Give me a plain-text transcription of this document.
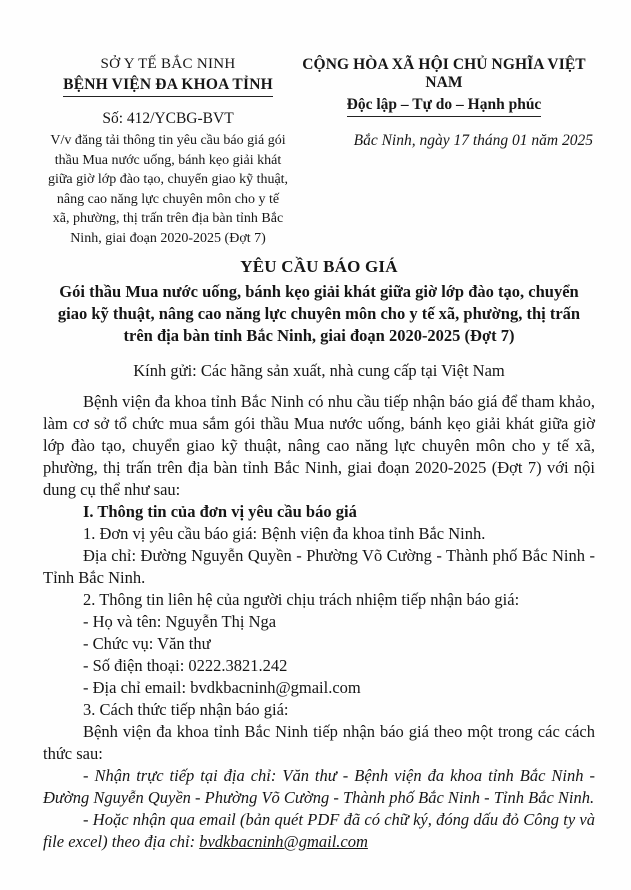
SỞ Y TẾ BẮC NINH
BỆNH VIỆN ĐA KHOA TỈNH
Số: 412/YCBG-BVT
V/v đăng tải thông tin yêu cầu báo giá gói thầu Mua nước uống, bánh kẹo giải khát giữa giờ lớp đào tạo, chuyển giao kỹ thuật, nâng cao năng lực chuyên môn cho y tế xã, phường, thị trấn trên địa bàn tỉnh Bắc Ninh, giai đoạn 2020-2025 (Đợt 7)
CỘNG HÒA XÃ HỘI CHỦ NGHĨA VIỆT NAM
Độc lập – Tự do – Hạnh phúc
Bắc Ninh, ngày 17 tháng 01 năm 2025
YÊU CẦU BÁO GIÁ
Gói thầu Mua nước uống, bánh kẹo giải khát giữa giờ lớp đào tạo, chuyển giao kỹ thuật, nâng cao năng lực chuyên môn cho y tế xã, phường, thị trấn trên địa bàn tỉnh Bắc Ninh, giai đoạn 2020-2025 (Đợt 7)
Kính gửi: Các hãng sản xuất, nhà cung cấp tại Việt Nam

Bệnh viện đa khoa tỉnh Bắc Ninh có nhu cầu tiếp nhận báo giá để tham khảo, làm cơ sở tổ chức mua sắm gói thầu Mua nước uống, bánh kẹo giải khát giữa giờ lớp đào tạo, chuyển giao kỹ thuật, nâng cao năng lực chuyên môn cho y tế xã, phường, thị trấn trên địa bàn tỉnh Bắc Ninh, giai đoạn 2020-2025 (Đợt 7) với nội dung cụ thể như sau:

I. Thông tin của đơn vị yêu cầu báo giá

1. Đơn vị yêu cầu báo giá: Bệnh viện đa khoa tỉnh Bắc Ninh.

Địa chỉ: Đường Nguyễn Quyền - Phường Võ Cường - Thành phố Bắc Ninh - Tỉnh Bắc Ninh.

2. Thông tin liên hệ của người chịu trách nhiệm tiếp nhận báo giá:

- Họ và tên: Nguyễn Thị Nga

- Chức vụ: Văn thư

- Số điện thoại: 0222.3821.242

- Địa chỉ email: bvdkbacninh@gmail.com

3. Cách thức tiếp nhận báo giá:

Bệnh viện đa khoa tỉnh Bắc Ninh tiếp nhận báo giá theo một trong các cách thức sau:

- Nhận trực tiếp tại địa chỉ: Văn thư - Bệnh viện đa khoa tỉnh Bắc Ninh - Đường Nguyễn Quyền - Phường Võ Cường - Thành phố Bắc Ninh - Tỉnh Bắc Ninh.

- Hoặc nhận qua email (bản quét PDF đã có chữ ký, đóng dấu đỏ Công ty và file excel) theo địa chỉ: bvdkbacninh@gmail.com
